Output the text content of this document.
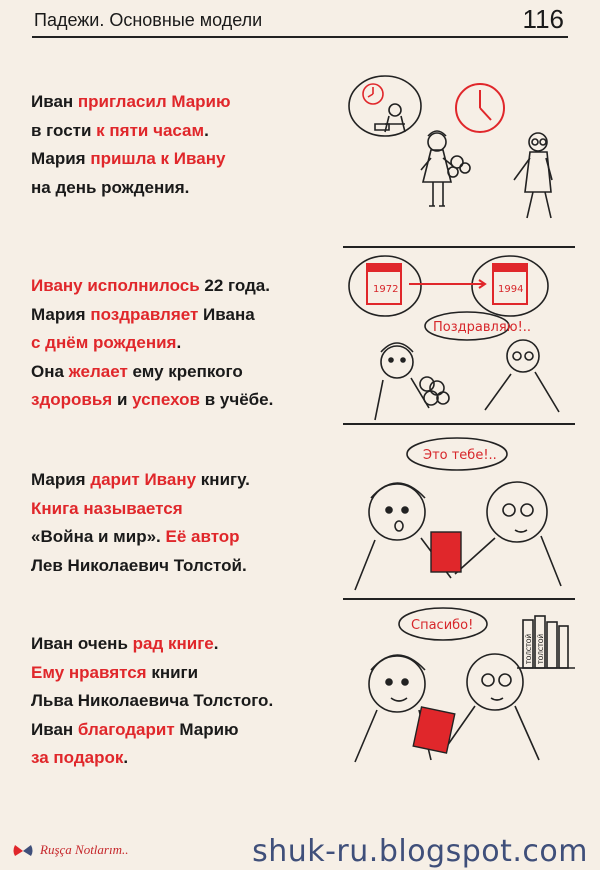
Падежи. Основные модели	116
Иван пригласил Марию
в гости к пяти часам.
Мария пришла к Ивану
на день рождения.
Ивану исполнилось 22 года.
Мария поздравляет Ивана
с днём рождения.
Она желает ему крепкого
здоровья и успехов в учёбе.
Мария дарит Ивану книгу.
Книга называется
«Война и мир». Её автор
Лев Николаевич Толстой.
Иван очень рад книге.
Ему нравятся книги
Льва Николаевича Толстого.
Иван благодарит Марию
за подарок.
1972	1994
Поздравляю!..
Это тебе!..
Спасибо!
ТОЛСТОЙ ТОЛСТОЙ
Ruşça Notlarım..	shuk-ru.blogspot.com
